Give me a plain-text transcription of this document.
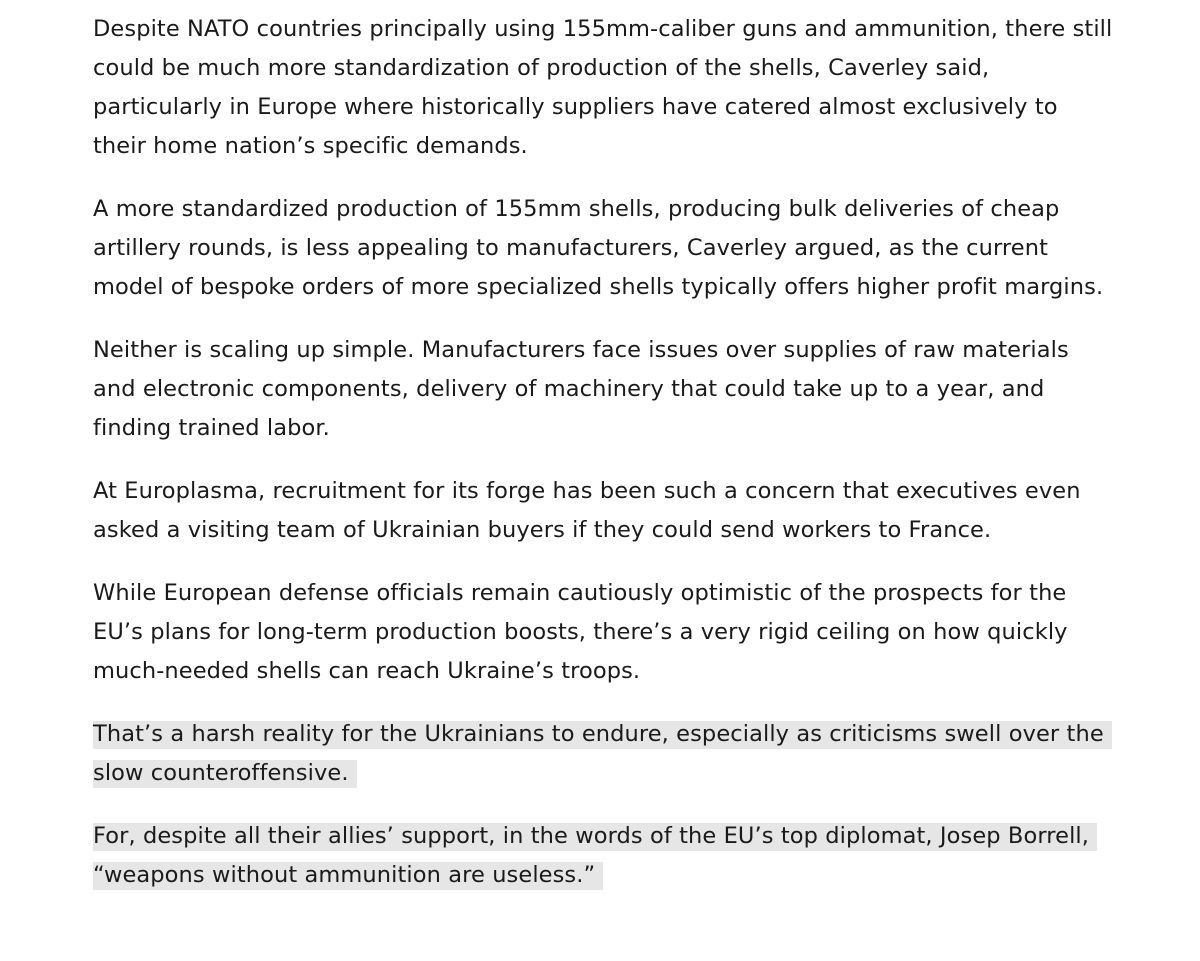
Despite NATO countries principally using 155mm-caliber guns and ammunition, there still could be much more standardization of production of the shells, Caverley said, particularly in Europe where historically suppliers have catered almost exclusively to their home nation’s specific demands.

A more standardized production of 155mm shells, producing bulk deliveries of cheap artillery rounds, is less appealing to manufacturers, Caverley argued, as the current model of bespoke orders of more specialized shells typically offers higher profit margins.

Neither is scaling up simple. Manufacturers face issues over supplies of raw materials and electronic components, delivery of machinery that could take up to a year, and finding trained labor.

At Europlasma, recruitment for its forge has been such a concern that executives even asked a visiting team of Ukrainian buyers if they could send workers to France.

While European defense officials remain cautiously optimistic of the prospects for the EU’s plans for long-term production boosts, there’s a very rigid ceiling on how quickly much-needed shells can reach Ukraine’s troops.

That’s a harsh reality for the Ukrainians to endure, especially as criticisms swell over the slow counteroffensive.

For, despite all their allies’ support, in the words of the EU’s top diplomat, Josep Borrell, “weapons without ammunition are useless.”
